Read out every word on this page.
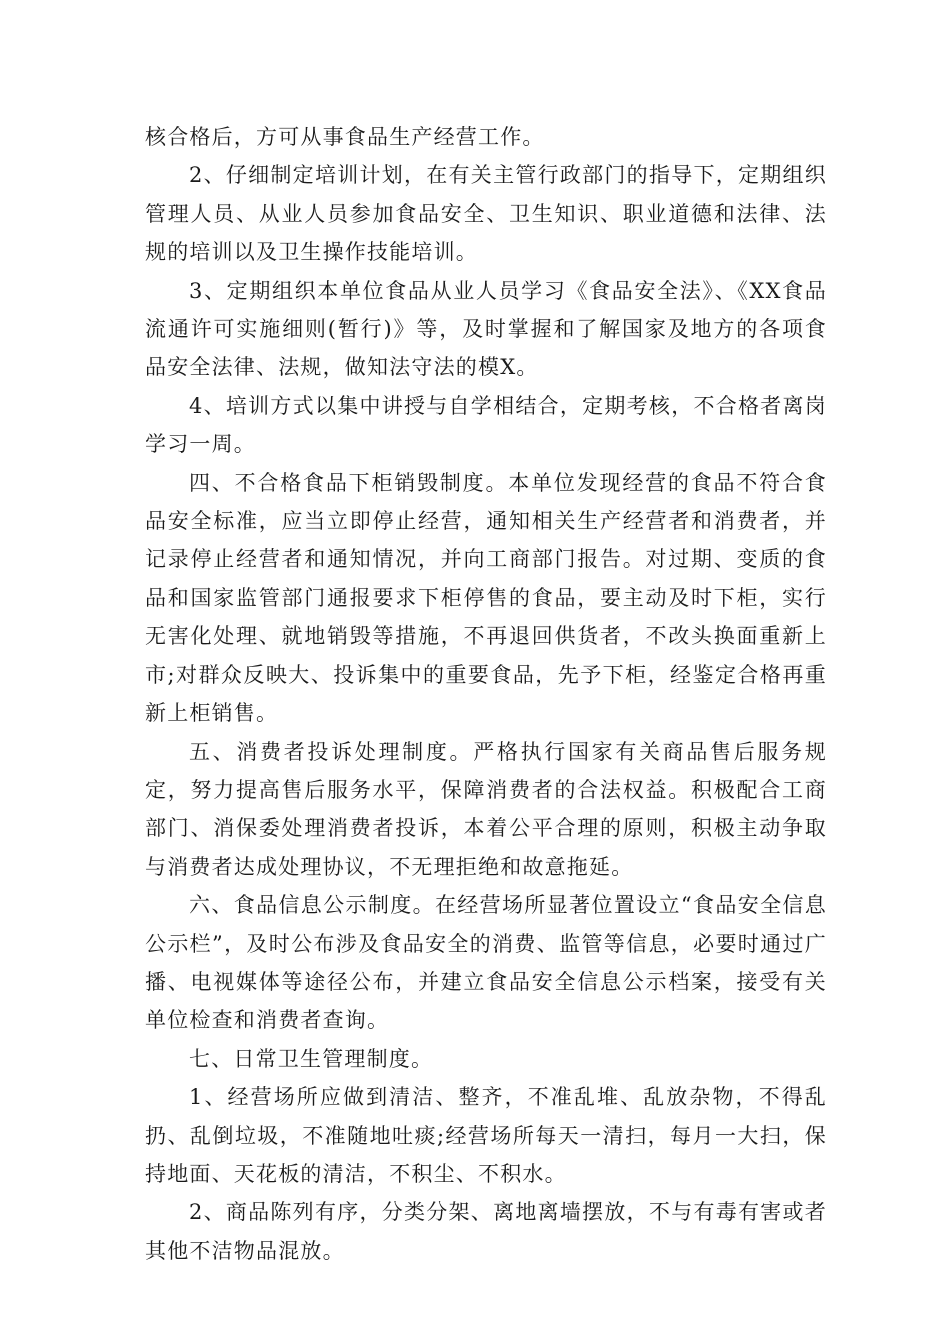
核合格后，方可从事食品生产经营工作。

2、仔细制定培训计划，在有关主管行政部门的指导下，定期组织管理人员、从业人员参加食品安全、卫生知识、职业道德和法律、法规的培训以及卫生操作技能培训。

3、定期组织本单位食品从业人员学习《食品安全法》、《XX食品流通许可实施细则(暂行)》等，及时掌握和了解国家及地方的各项食品安全法律、法规，做知法守法的模X。

4、培训方式以集中讲授与自学相结合，定期考核，不合格者离岗学习一周。

四、不合格食品下柜销毁制度。本单位发现经营的食品不符合食品安全标准，应当立即停止经营，通知相关生产经营者和消费者，并记录停止经营者和通知情况，并向工商部门报告。对过期、变质的食品和国家监管部门通报要求下柜停售的食品，要主动及时下柜，实行无害化处理、就地销毁等措施，不再退回供货者，不改头换面重新上市;对群众反映大、投诉集中的重要食品，先予下柜，经鉴定合格再重新上柜销售。

五、消费者投诉处理制度。严格执行国家有关商品售后服务规定，努力提高售后服务水平，保障消费者的合法权益。积极配合工商部门、消保委处理消费者投诉，本着公平合理的原则，积极主动争取与消费者达成处理协议，不无理拒绝和故意拖延。

六、食品信息公示制度。在经营场所显著位置设立“食品安全信息公示栏”，及时公布涉及食品安全的消费、监管等信息，必要时通过广播、电视媒体等途径公布，并建立食品安全信息公示档案，接受有关单位检查和消费者查询。

七、日常卫生管理制度。

1、经营场所应做到清洁、整齐，不准乱堆、乱放杂物，不得乱扔、乱倒垃圾，不准随地吐痰;经营场所每天一清扫，每月一大扫，保持地面、天花板的清洁，不积尘、不积水。

2、商品陈列有序，分类分架、离地离墙摆放，不与有毒有害或者其他不洁物品混放。
